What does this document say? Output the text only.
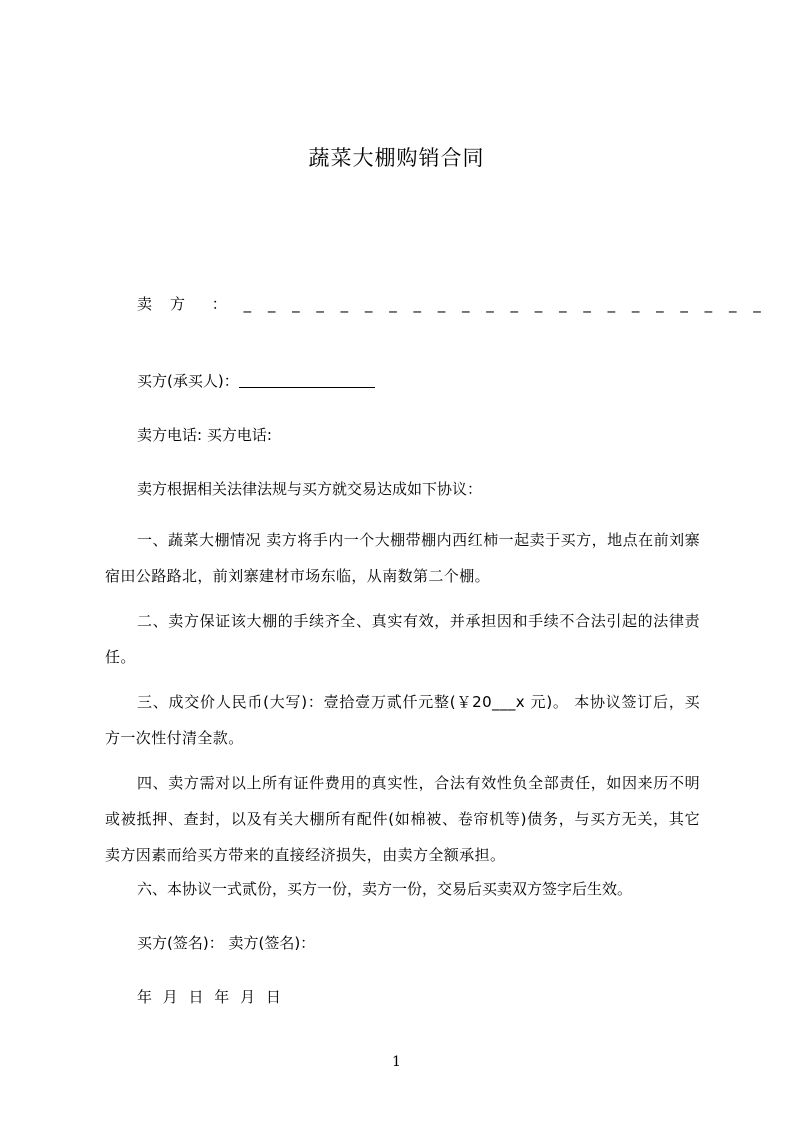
蔬菜大棚购销合同
卖方 ： _ _ _ _ _ _ _ _ _ _ _ _ _ _ _ _ _ _ _ _ _ _
买方(承买人)：
卖方电话: 买方电话:
卖方根据相关法律法规与买方就交易达成如下协议：
一、蔬菜大棚情况 卖方将手内一个大棚带棚内西红柿一起卖于买方，地点在前刘寨宿田公路路北，前刘寨建材市场东临，从南数第二个棚。
二、卖方保证该大棚的手续齐全、真实有效，并承担因和手续不合法引起的法律责任。
三、成交价人民币(大写)：壹拾壹万贰仟元整(￥20___x 元)。 本协议签订后，买方一次性付清全款。
四、卖方需对以上所有证件费用的真实性，合法有效性负全部责任，如因来历不明或被抵押、查封，以及有关大棚所有配件(如棉被、卷帘机等)债务，与买方无关，其它卖方因素而给买方带来的直接经济损失，由卖方全额承担。
六、本协议一式贰份，买方一份，卖方一份，交易后买卖双方签字后生效。
买方(签名)： 卖方(签名)：
年 月 日 年 月 日
1
